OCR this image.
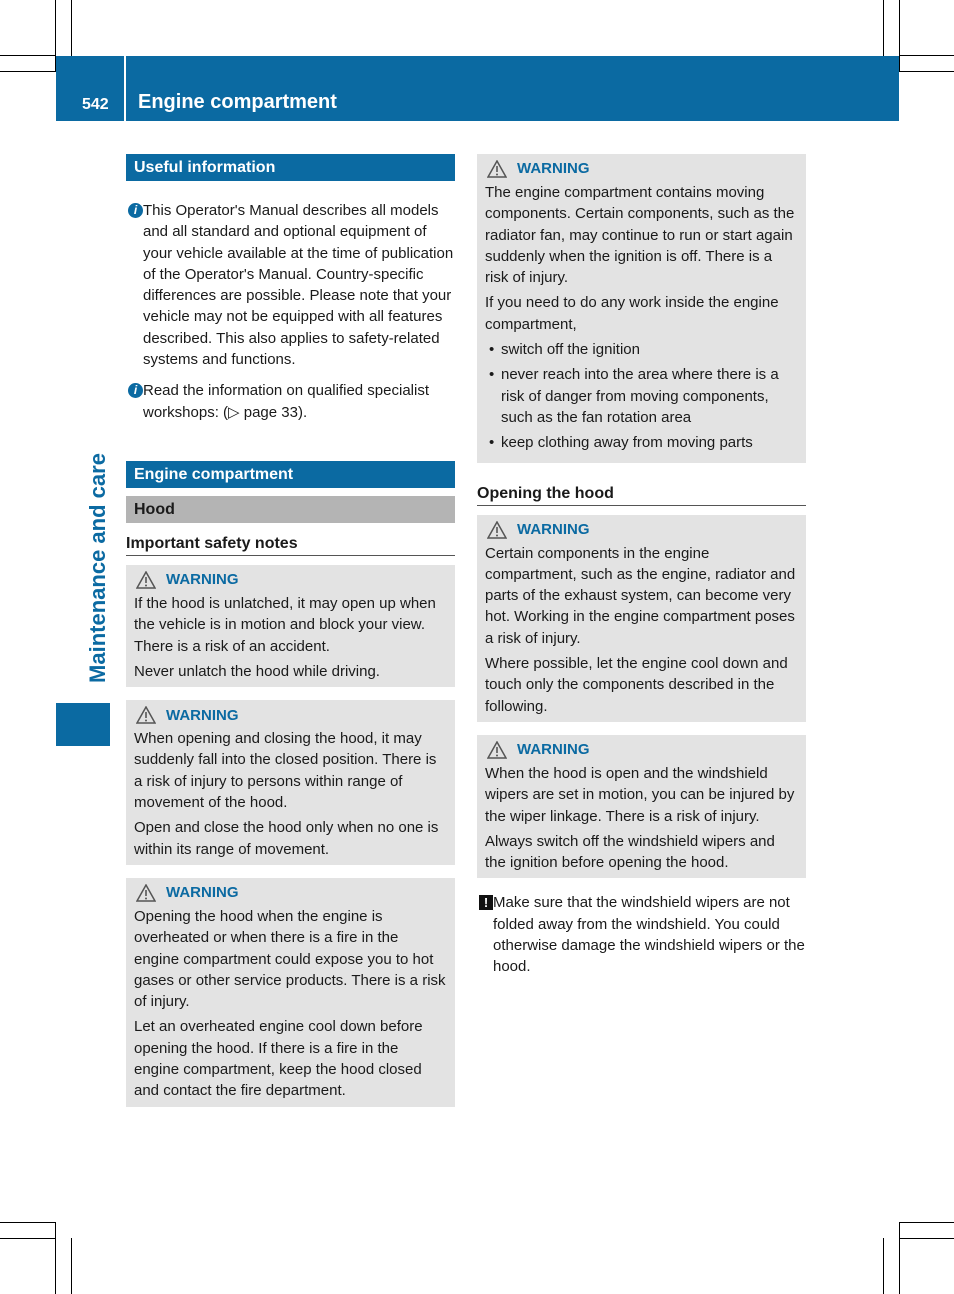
542 Engine compartment
Maintenance and care
Useful information
i This Operator's Manual describes all models and all standard and optional equipment of your vehicle available at the time of publication of the Operator's Manual. Country-specific differences are possible. Please note that your vehicle may not be equipped with all features described. This also applies to safety-related systems and functions.
i Read the information on qualified specialist workshops: (▷ page 33).
Engine compartment
Hood
Important safety notes
WARNING

If the hood is unlatched, it may open up when the vehicle is in motion and block your view. There is a risk of an accident.

Never unlatch the hood while driving.

WARNING

When opening and closing the hood, it may suddenly fall into the closed position. There is a risk of injury to persons within range of movement of the hood.

Open and close the hood only when no one is within its range of movement.

WARNING

Opening the hood when the engine is overheated or when there is a fire in the engine compartment could expose you to hot gases or other service products. There is a risk of injury.

Let an overheated engine cool down before opening the hood. If there is a fire in the engine compartment, keep the hood closed and contact the fire department.

WARNING

The engine compartment contains moving components. Certain components, such as the radiator fan, may continue to run or start again suddenly when the ignition is off. There is a risk of injury.

If you need to do any work inside the engine compartment,

• switch off the ignition
• never reach into the area where there is a risk of danger from moving components, such as the fan rotation area
• keep clothing away from moving parts
Opening the hood
WARNING

Certain components in the engine compartment, such as the engine, radiator and parts of the exhaust system, can become very hot. Working in the engine compartment poses a risk of injury.

Where possible, let the engine cool down and touch only the components described in the following.

WARNING

When the hood is open and the windshield wipers are set in motion, you can be injured by the wiper linkage. There is a risk of injury.

Always switch off the windshield wipers and the ignition before opening the hood.

! Make sure that the windshield wipers are not folded away from the windshield. You could otherwise damage the windshield wipers or the hood.
